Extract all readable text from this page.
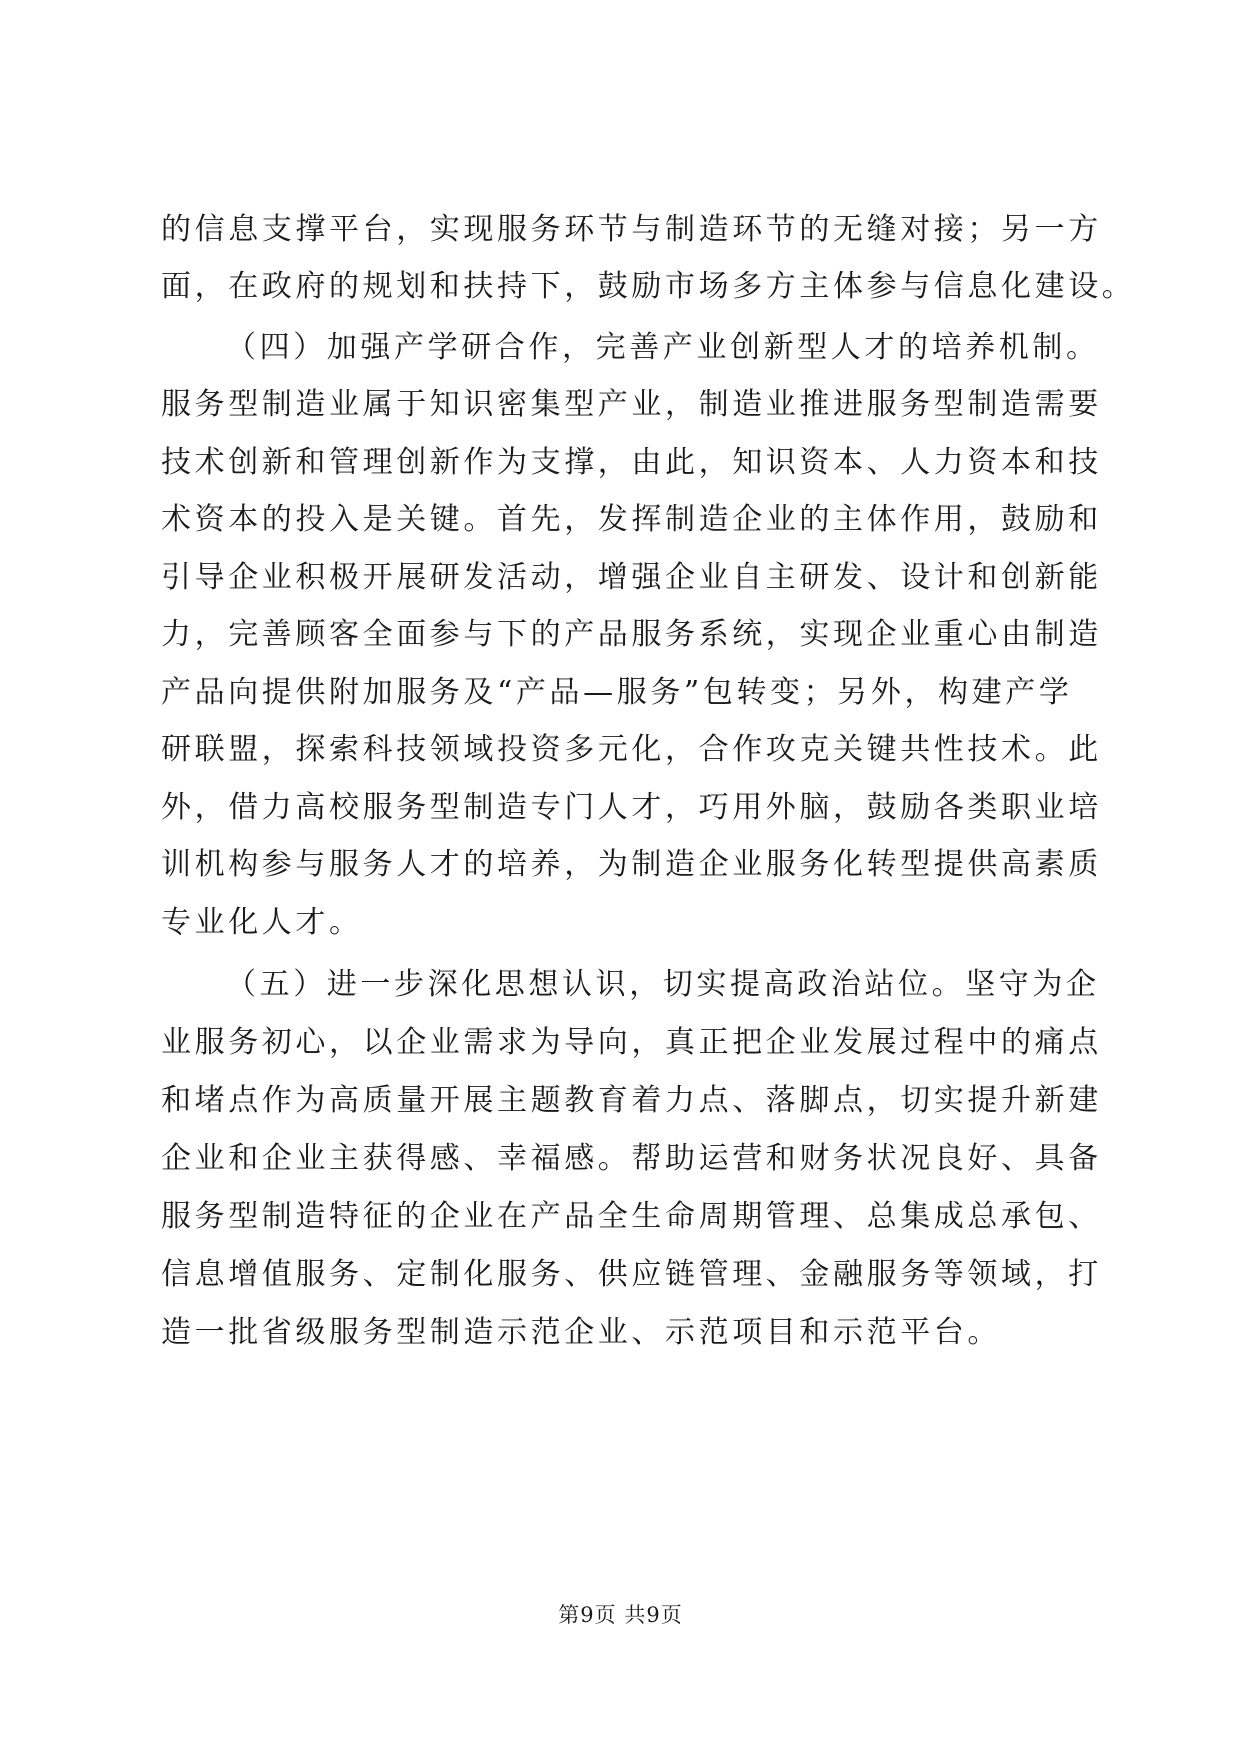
的信息支撑平台，实现服务环节与制造环节的无缝对接；另一方
面，在政府的规划和扶持下，鼓励市场多方主体参与信息化建设。
（四）加强产学研合作，完善产业创新型人才的培养机制。
服务型制造业属于知识密集型产业，制造业推进服务型制造需要
技术创新和管理创新作为支撑，由此，知识资本、人力资本和技
术资本的投入是关键。首先，发挥制造企业的主体作用，鼓励和
引导企业积极开展研发活动，增强企业自主研发、设计和创新能
力，完善顾客全面参与下的产品服务系统，实现企业重心由制造
产品向提供附加服务及“产品—服务”包转变；另外，构建产学
研联盟，探索科技领域投资多元化，合作攻克关键共性技术。此
外，借力高校服务型制造专门人才，巧用外脑，鼓励各类职业培
训机构参与服务人才的培养，为制造企业服务化转型提供高素质
专业化人才。
（五）进一步深化思想认识，切实提高政治站位。坚守为企
业服务初心，以企业需求为导向，真正把企业发展过程中的痛点
和堵点作为高质量开展主题教育着力点、落脚点，切实提升新建
企业和企业主获得感、幸福感。帮助运营和财务状况良好、具备
服务型制造特征的企业在产品全生命周期管理、总集成总承包、
信息增值服务、定制化服务、供应链管理、金融服务等领域，打
造一批省级服务型制造示范企业、示范项目和示范平台。
第9页 共9页
